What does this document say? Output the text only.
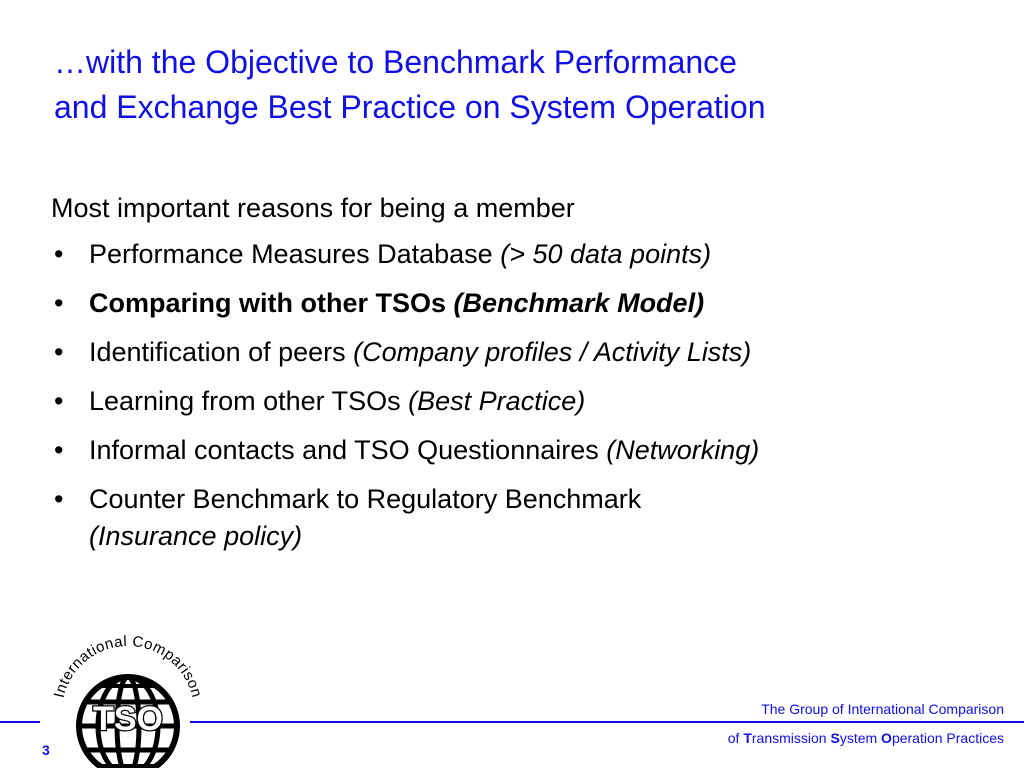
…with the Objective to Benchmark Performance
and Exchange Best Practice on System Operation

Most important reasons for being a member

• Performance Measures Database (> 50 data points)
• Comparing with other TSOs (Benchmark Model)
• Identification of peers (Company profiles / Activity Lists)
• Learning from other TSOs (Best Practice)
• Informal contacts and TSO Questionnaires (Networking)
• Counter Benchmark to Regulatory Benchmark
(Insurance policy)
International Comparison
TSO
3
The Group of International Comparison
of Transmission System Operation Practices
